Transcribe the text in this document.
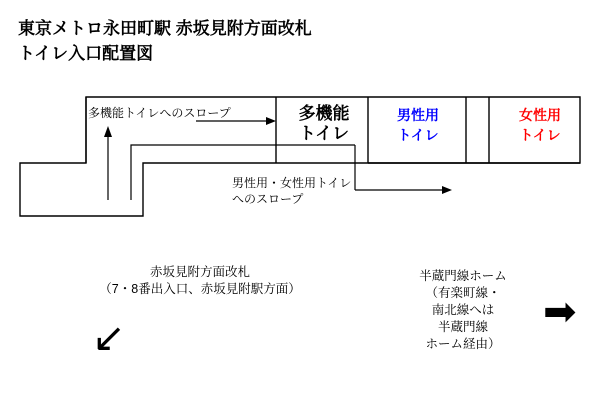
東京メトロ永田町駅 赤坂見附方面改札
トイレ入口配置図
多機能
トイレ
男性用
トイレ
女性用
トイレ
多機能トイレへのスロープ
男性用・女性用トイレ
へのスロープ
赤坂見附方面改札
（7・8番出入口、赤坂見附駅方面）
↙
半蔵門線ホーム
（有楽町線・
南北線へは
半蔵門線
ホーム経由）
➡
